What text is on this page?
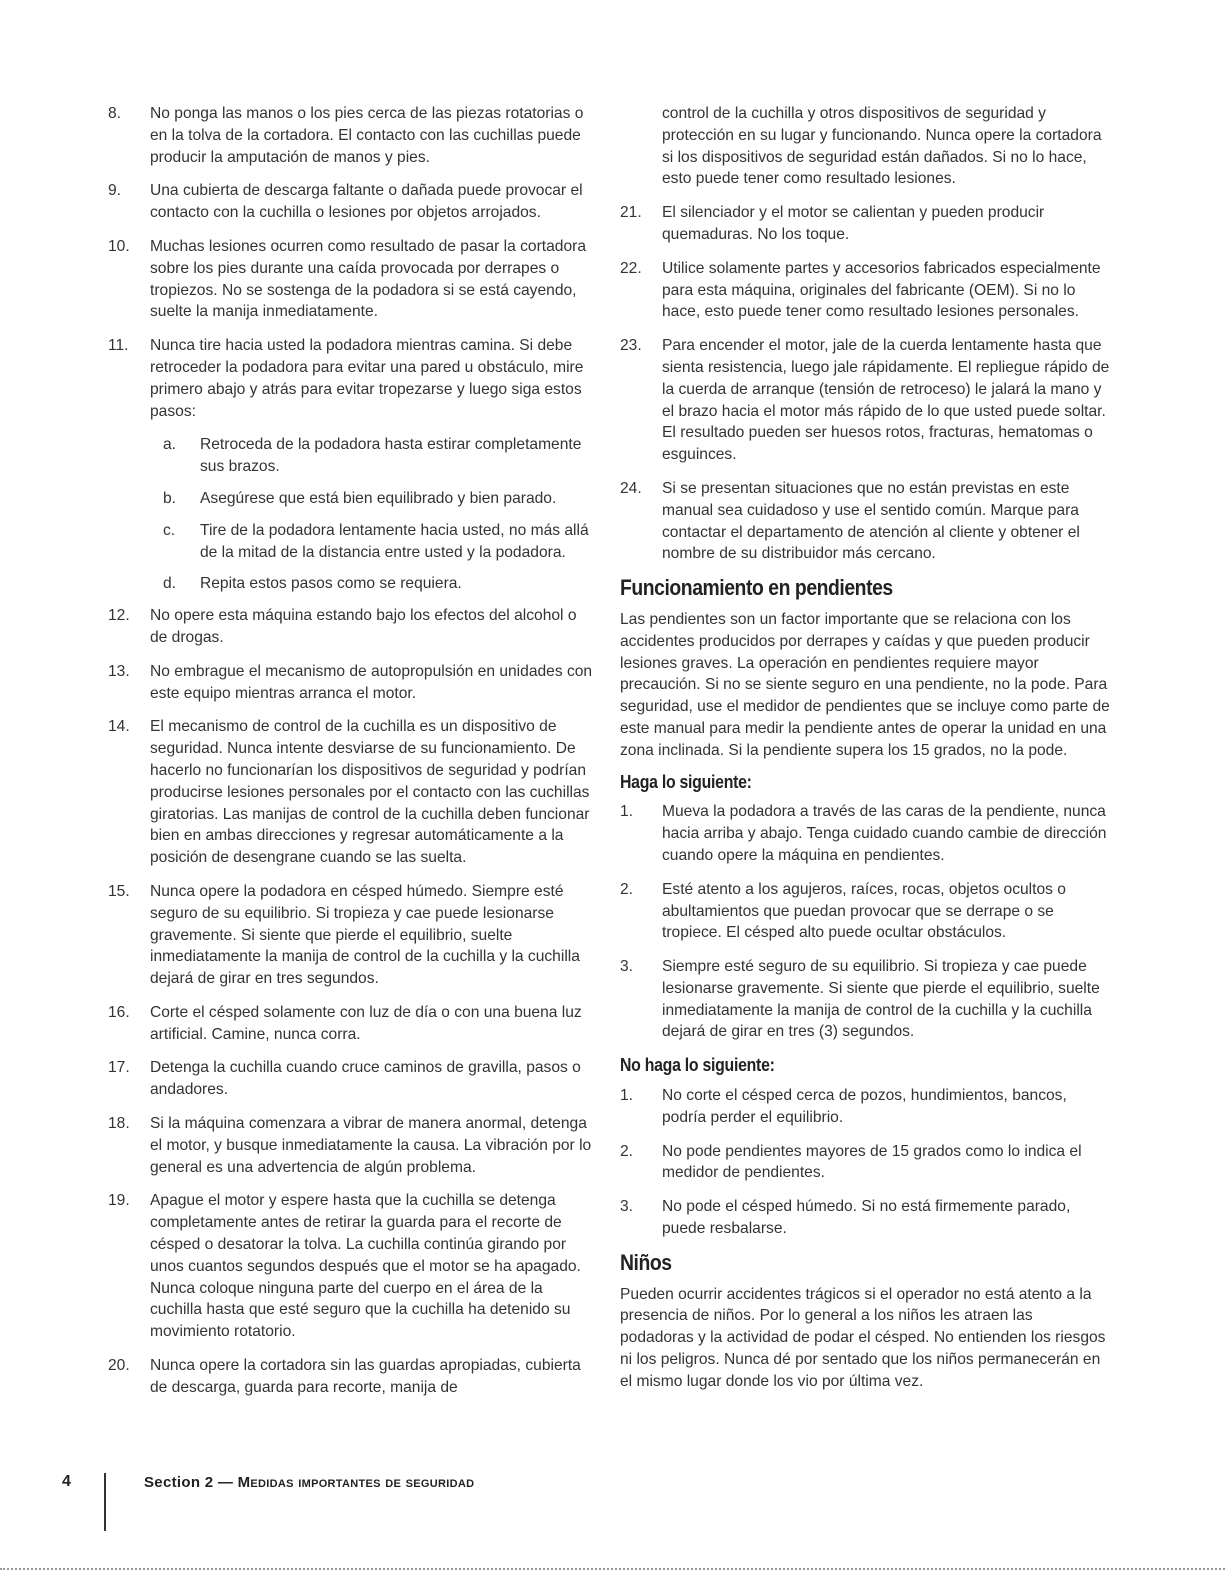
8.	No ponga las manos o los pies cerca de las piezas rotatorias o en la tolva de la cortadora. El contacto con las cuchillas puede producir la amputación de manos y pies.
9.	Una cubierta de descarga faltante o dañada puede provocar el contacto con la cuchilla o lesiones por objetos arrojados.
10.	Muchas lesiones ocurren como resultado de pasar la cortadora sobre los pies durante una caída provocada por derrapes o tropiezos. No se sostenga de la podadora si se está cayendo, suelte la manija inmediatamente.
11.	Nunca tire hacia usted la podadora mientras camina. Si debe retroceder la podadora para evitar una pared u obstáculo, mire primero abajo y atrás para evitar tropezarse y luego siga estos pasos:
a. Retroceda de la podadora hasta estirar completamente sus brazos.
b. Asegúrese que está bien equilibrado y bien parado.
c. Tire de la podadora lentamente hacia usted, no más allá de la mitad de la distancia entre usted y la podadora.
d. Repita estos pasos como se requiera.
12.	No opere esta máquina estando bajo los efectos del alcohol o de drogas.
13.	No embrague el mecanismo de autopropulsión en unidades con este equipo mientras arranca el motor.
14.	El mecanismo de control de la cuchilla es un dispositivo de seguridad. Nunca intente desviarse de su funcionamiento. De hacerlo no funcionarían los dispositivos de seguridad y podrían producirse lesiones personales por el contacto con las cuchillas giratorias. Las manijas de control de la cuchilla deben funcionar bien en ambas direcciones y regresar automáticamente a la posición de desengrane cuando se las suelta.
15.	Nunca opere la podadora en césped húmedo. Siempre esté seguro de su equilibrio. Si tropieza y cae puede lesionarse gravemente. Si siente que pierde el equilibrio, suelte inmediatamente la manija de control de la cuchilla y la cuchilla dejará de girar en tres segundos.
16.	Corte el césped solamente con luz de día o con una buena luz artificial. Camine, nunca corra.
17.	Detenga la cuchilla cuando cruce caminos de gravilla, pasos o andadores.
18.	Si la máquina comenzara a vibrar de manera anormal, detenga el motor, y busque inmediatamente la causa. La vibración por lo general es una advertencia de algún problema.
19.	Apague el motor y espere hasta que la cuchilla se detenga completamente antes de retirar la guarda para el recorte de césped o desatorar la tolva. La cuchilla continúa girando por unos cuantos segundos después que el motor se ha apagado. Nunca coloque ninguna parte del cuerpo en el área de la cuchilla hasta que esté seguro que la cuchilla ha detenido su movimiento rotatorio.
20.	Nunca opere la cortadora sin las guardas apropiadas, cubierta de descarga, guarda para recorte, manija de
control de la cuchilla y otros dispositivos de seguridad y protección en su lugar y funcionando. Nunca opere la cortadora si los dispositivos de seguridad están dañados. Si no lo hace, esto puede tener como resultado lesiones.
21. El silenciador y el motor se calientan y pueden producir quemaduras. No los toque.
22. Utilice solamente partes y accesorios fabricados especialmente para esta máquina, originales del fabricante (OEM). Si no lo hace, esto puede tener como resultado lesiones personales.
23. Para encender el motor, jale de la cuerda lentamente hasta que sienta resistencia, luego jale rápidamente. El repliegue rápido de la cuerda de arranque (tensión de retroceso) le jalará la mano y el brazo hacia el motor más rápido de lo que usted puede soltar. El resultado pueden ser huesos rotos, fracturas, hematomas o esguinces.
24. Si se presentan situaciones que no están previstas en este manual sea cuidadoso y use el sentido común. Marque para contactar el departamento de atención al cliente y obtener el nombre de su distribuidor más cercano.
Funcionamiento en pendientes

Las pendientes son un factor importante que se relaciona con los accidentes producidos por derrapes y caídas y que pueden producir lesiones graves. La operación en pendientes requiere mayor precaución. Si no se siente seguro en una pendiente, no la pode. Para seguridad, use el medidor de pendientes que se incluye como parte de este manual para medir la pendiente antes de operar la unidad en una zona inclinada. Si la pendiente supera los 15 grados, no la pode.

Haga lo siguiente:
1. Mueva la podadora a través de las caras de la pendiente, nunca hacia arriba y abajo. Tenga cuidado cuando cambie de dirección cuando opere la máquina en pendientes.
2. Esté atento a los agujeros, raíces, rocas, objetos ocultos o abultamientos que puedan provocar que se derrape o se tropiece. El césped alto puede ocultar obstáculos.
3. Siempre esté seguro de su equilibrio. Si tropieza y cae puede lesionarse gravemente. Si siente que pierde el equilibrio, suelte inmediatamente la manija de control de la cuchilla y la cuchilla dejará de girar en tres (3) segundos.
No haga lo siguiente:
1. No corte el césped cerca de pozos, hundimientos, bancos, podría perder el equilibrio.
2. No pode pendientes mayores de 15 grados como lo indica el medidor de pendientes.
3. No pode el césped húmedo. Si no está firmemente parado, puede resbalarse.
Niños

Pueden ocurrir accidentes trágicos si el operador no está atento a la presencia de niños. Por lo general a los niños les atraen las podadoras y la actividad de podar el césped. No entienden los riesgos ni los peligros. Nunca dé por sentado que los niños permanecerán en el mismo lugar donde los vio por última vez.

4	Section 2 — Medidas importantes de seguridad
